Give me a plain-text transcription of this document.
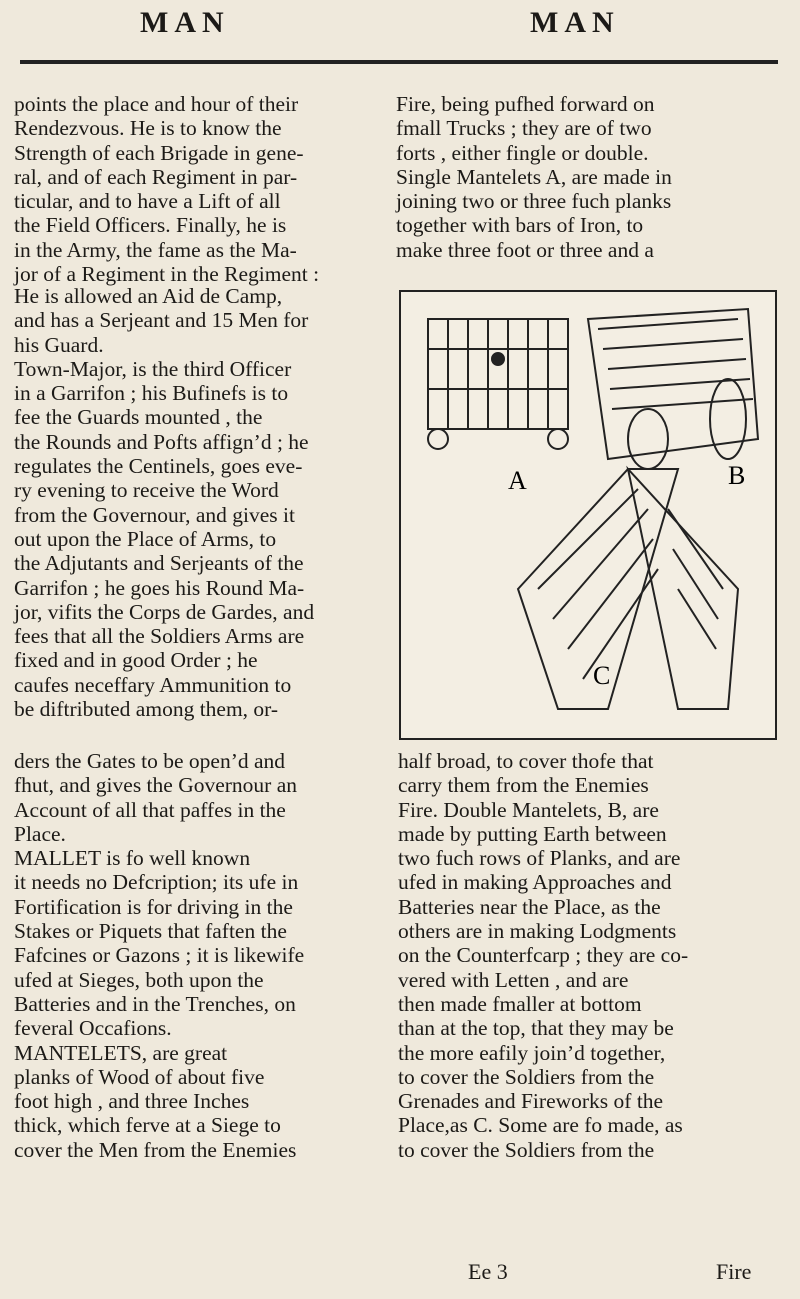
MAN	MAN
points the place and hour of their
Rendezvous. He is to know the
Strength of each Brigade in gene-
ral, and of each Regiment in par-
ticular, and to have a Lift of all
the Field Officers. Finally, he is
in the Army, the fame as the Ma-
jor of a Regiment in the Regiment :
He is allowed an Aid de Camp,
and has a Serjeant and 15 Men for
his Guard.
Town-Major, is the third Officer
in a Garrifon ; his Bufinefs is to
fee the Guards mounted , the
the Rounds and Pofts affign’d ; he
regulates the Centinels, goes eve-
ry evening to receive the Word
from the Governour, and gives it
out upon the Place of Arms, to
the Adjutants and Serjeants of the
Garrifon ; he goes his Round Ma-
jor, vifits the Corps de Gardes, and
fees that all the Soldiers Arms are
fixed and in good Order ; he
caufes neceffary Ammunition to
be diftributed among them, or-
ders the Gates to be open’d and
fhut, and gives the Governour an
Account of all that paffes in the
Place.
MALLET is fo well known
it needs no Defcription; its ufe in
Fortification is for driving in the
Stakes or Piquets that faften the
Fafcines or Gazons ; it is likewife
ufed at Sieges, both upon the
Batteries and in the Trenches, on
feveral Occafions.
MANTELETS, are great
planks of Wood of about five
foot high , and three Inches
thick, which ferve at a Siege to
cover the Men from the Enemies
Fire, being pufhed forward on
fmall Trucks ; they are of two
forts , either fingle or double.
Single Mantelets A, are made in
joining two or three fuch planks
together with bars of Iron, to
make three foot or three and a
half broad, to cover thofe that
carry them from the Enemies
Fire. Double Mantelets, B, are
made by putting Earth between
two fuch rows of Planks, and are
ufed in making Approaches and
Batteries near the Place, as the
others are in making Lodgments
on the Counterfcarp ; they are co-
vered with Letten , and are
then made fmaller at bottom
than at the top, that they may be
the more eafily join’d together,
to cover the Soldiers from the
Grenades and Fireworks of the
Place,as C. Some are fo made, as
to cover the Soldiers from the
A	B
C
Ee 3	Fire
